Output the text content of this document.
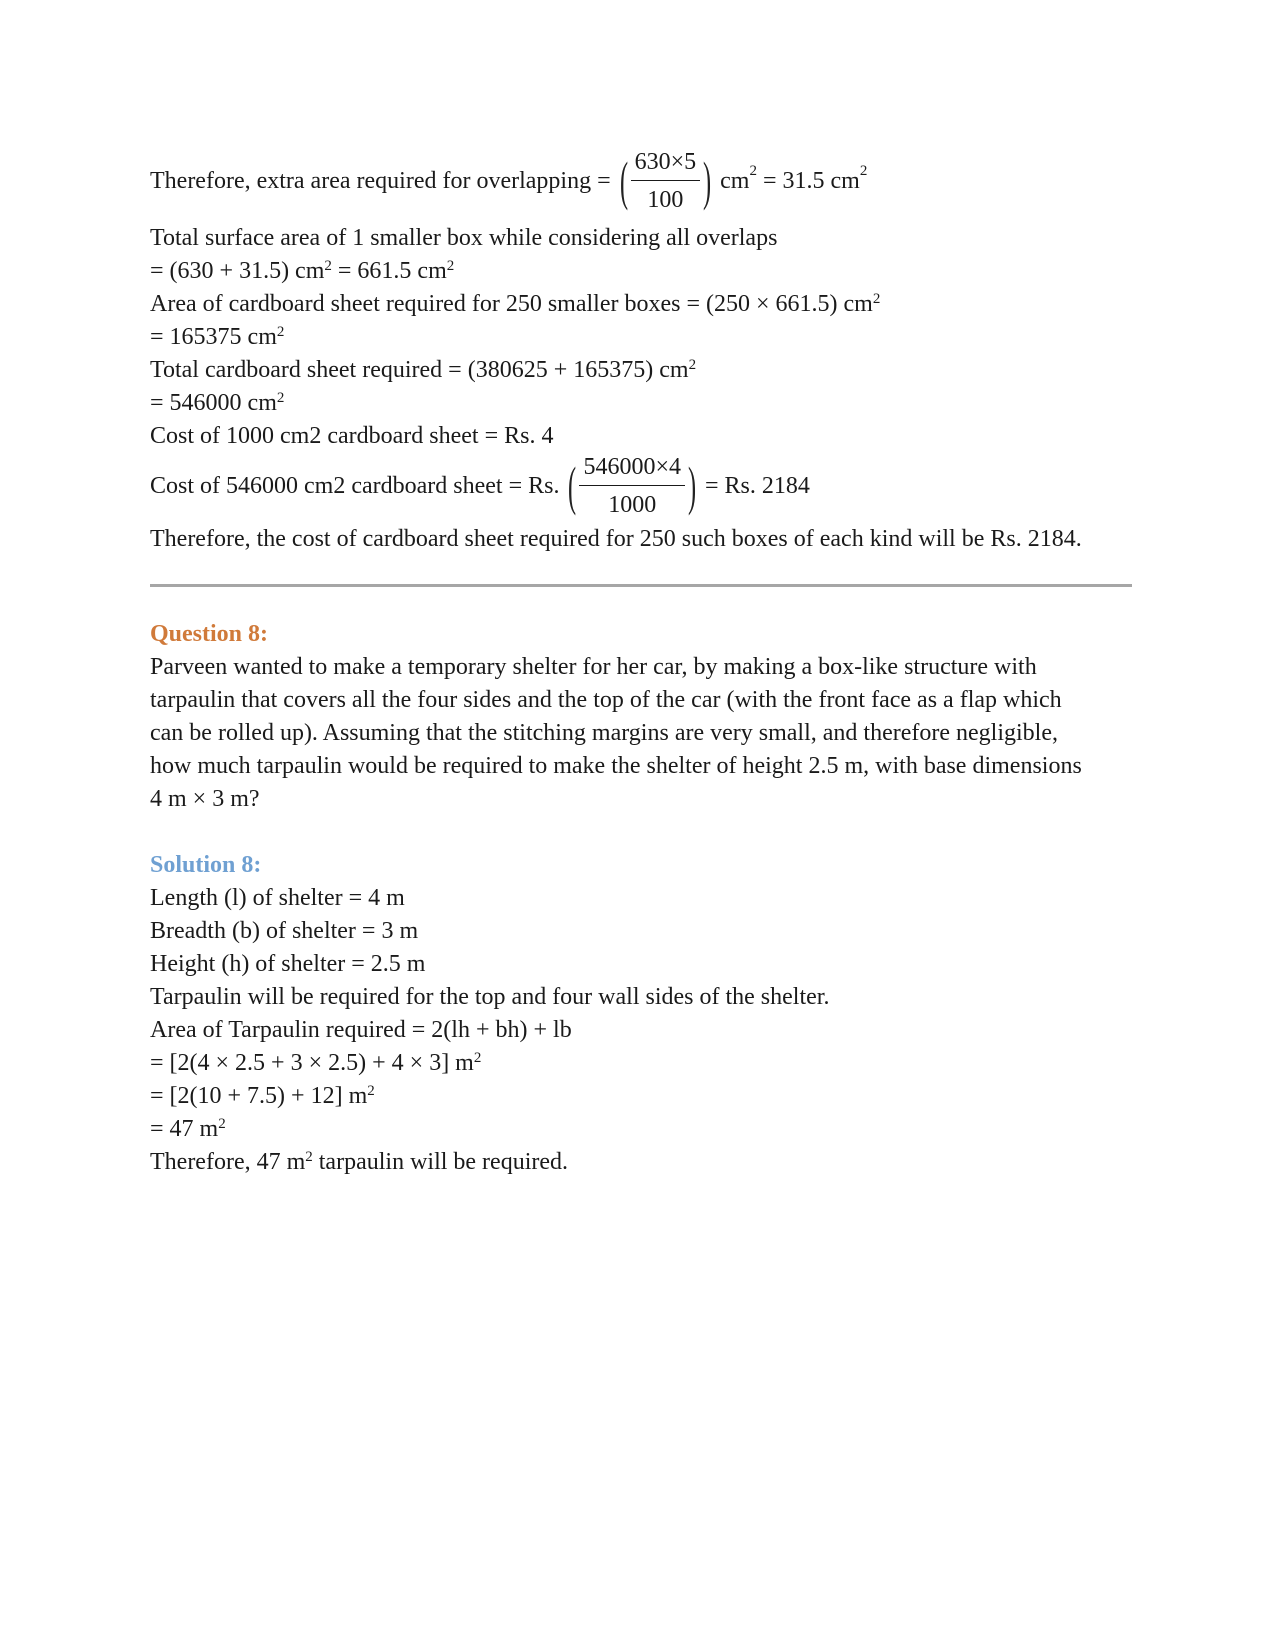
Therefore, extra area required for overlapping = ( $\frac{630\times 5}{100}$ ) $cm^2 = 31.5$ $cm^2$
Total surface area of 1 smaller box while considering all overlaps
= (630 + 31.5) $cm^2 = 661.5$ $cm^2$
Area of cardboard sheet required for 250 smaller boxes = (250 × 661.5) $cm^2$
= 165375 $cm^2$
Total cardboard sheet required = (380625 + 165375) $cm^2$
= 546000 $cm^2$
Cost of 1000 cm2 cardboard sheet = Rs. 4
Cost of 546000 cm2 cardboard sheet = Rs. ( $\frac{546000\times 4}{1000}$ ) = Rs. 2184
Therefore, the cost of cardboard sheet required for 250 such boxes of each kind will be Rs. 2184.
Question 8:
Parveen wanted to make a temporary shelter for her car, by making a box-like structure with
tarpaulin that covers all the four sides and the top of the car (with the front face as a flap which
can be rolled up). Assuming that the stitching margins are very small, and therefore negligible,
how much tarpaulin would be required to make the shelter of height 2.5 m, with base dimensions
4 m × 3 m?
Solution 8:
Length (l) of shelter = 4 m
Breadth (b) of shelter = 3 m
Height (h) of shelter = 2.5 m
Tarpaulin will be required for the top and four wall sides of the shelter.
Area of Tarpaulin required = 2(lh + bh) + lb
= [2(4 × 2.5 + 3 × 2.5) + 4 × 3] $m^2$
= [2(10 + 7.5) + 12] $m^2$
= 47 $m^2$
Therefore, 47 $m^2$ tarpaulin will be required.
